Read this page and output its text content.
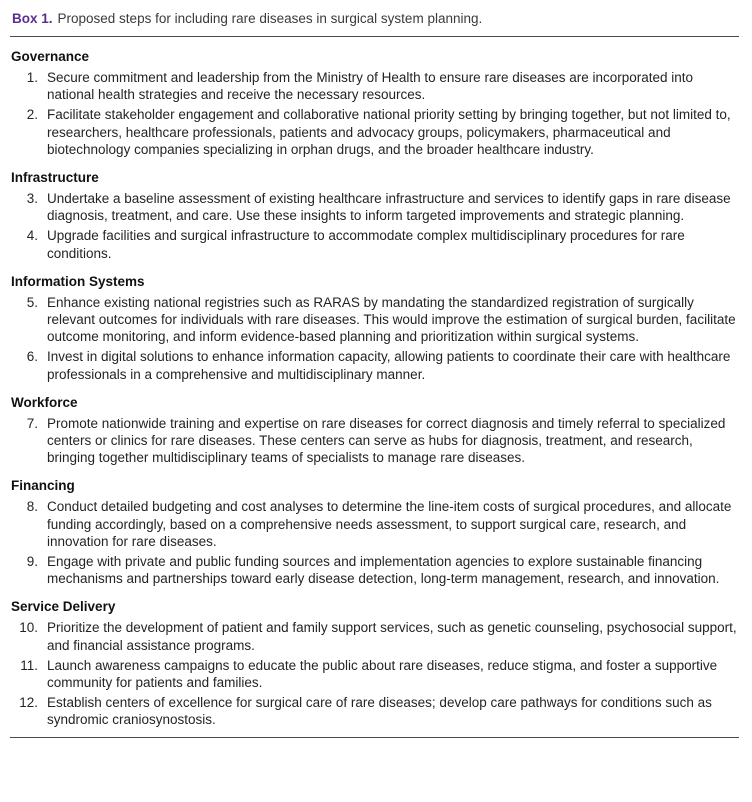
Box 1. Proposed steps for including rare diseases in surgical system planning.
Governance
1. Secure commitment and leadership from the Ministry of Health to ensure rare diseases are incorporated into national health strategies and receive the necessary resources.
2. Facilitate stakeholder engagement and collaborative national priority setting by bringing together, but not limited to, researchers, healthcare professionals, patients and advocacy groups, policymakers, pharmaceutical and biotechnology companies specializing in orphan drugs, and the broader healthcare industry.
Infrastructure
3. Undertake a baseline assessment of existing healthcare infrastructure and services to identify gaps in rare disease diagnosis, treatment, and care. Use these insights to inform targeted improvements and strategic planning.
4. Upgrade facilities and surgical infrastructure to accommodate complex multidisciplinary procedures for rare conditions.
Information Systems
5. Enhance existing national registries such as RARAS by mandating the standardized registration of surgically relevant outcomes for individuals with rare diseases. This would improve the estimation of surgical burden, facilitate outcome monitoring, and inform evidence-based planning and prioritization within surgical systems.
6. Invest in digital solutions to enhance information capacity, allowing patients to coordinate their care with healthcare professionals in a comprehensive and multidisciplinary manner.
Workforce
7. Promote nationwide training and expertise on rare diseases for correct diagnosis and timely referral to specialized centers or clinics for rare diseases. These centers can serve as hubs for diagnosis, treatment, and research, bringing together multidisciplinary teams of specialists to manage rare diseases.
Financing
8. Conduct detailed budgeting and cost analyses to determine the line-item costs of surgical procedures, and allocate funding accordingly, based on a comprehensive needs assessment, to support surgical care, research, and innovation for rare diseases.
9. Engage with private and public funding sources and implementation agencies to explore sustainable financing mechanisms and partnerships toward early disease detection, long-term management, research, and innovation.
Service Delivery
10. Prioritize the development of patient and family support services, such as genetic counseling, psychosocial support, and financial assistance programs.
11. Launch awareness campaigns to educate the public about rare diseases, reduce stigma, and foster a supportive community for patients and families.
12. Establish centers of excellence for surgical care of rare diseases; develop care pathways for conditions such as syndromic craniosynostosis.
